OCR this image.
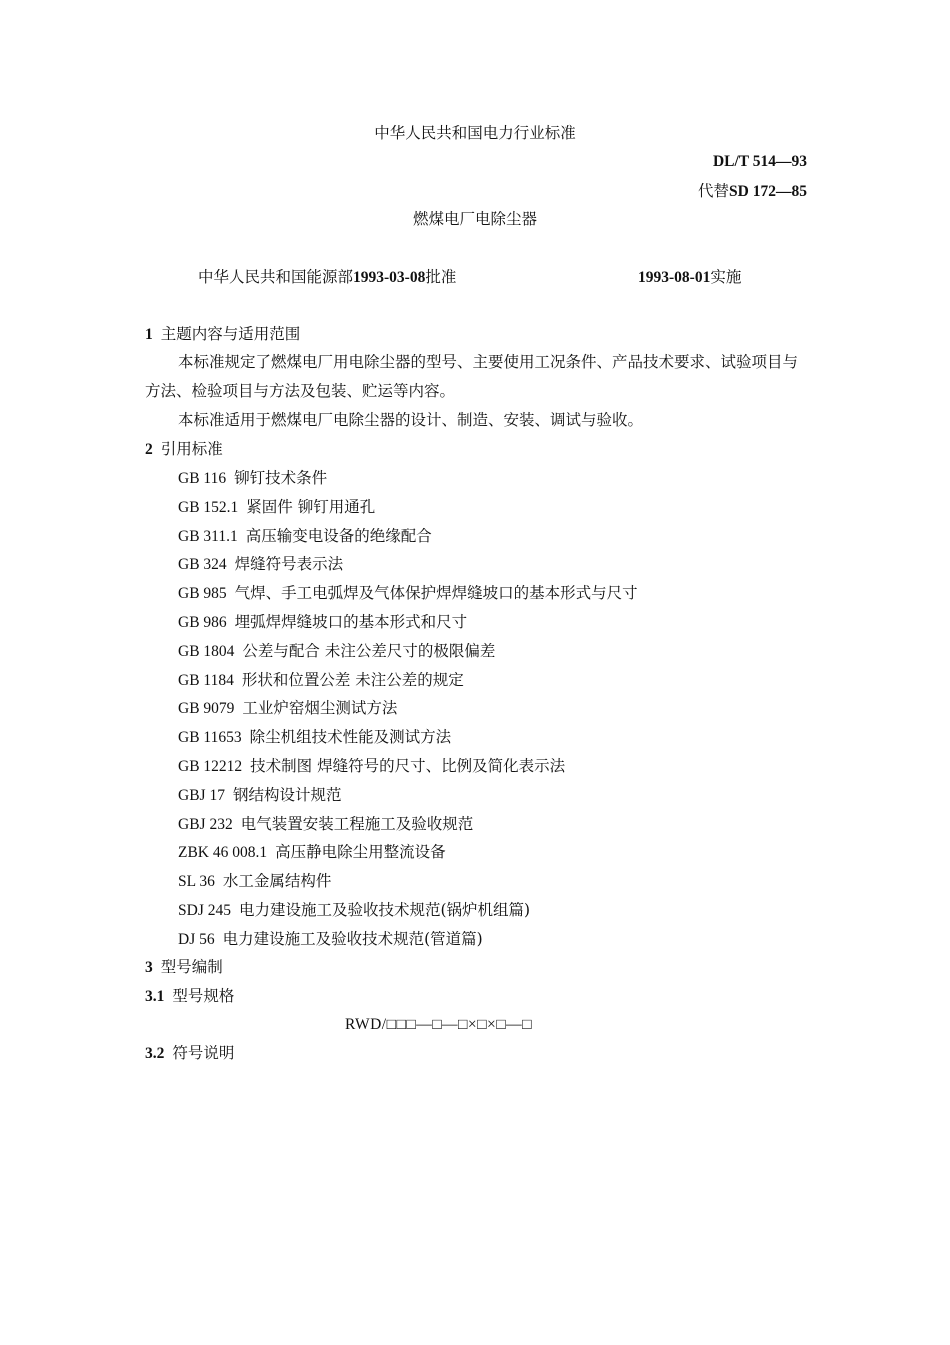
中华人民共和国电力行业标准
DL/T 514—93
代替SD 172—85
燃煤电厂电除尘器
中华人民共和国能源部1993-03-08批准	1993-08-01实施
1 主题内容与适用范围
本标准规定了燃煤电厂用电除尘器的型号、主要使用工况条件、产品技术要求、试验项目与方法、检验项目与方法及包装、贮运等内容。
本标准适用于燃煤电厂电除尘器的设计、制造、安装、调试与验收。
2 引用标准
GB 116 铆钉技术条件
GB 152.1 紧固件 铆钉用通孔
GB 311.1 高压输变电设备的绝缘配合
GB 324 焊缝符号表示法
GB 985 气焊、手工电弧焊及气体保护焊焊缝坡口的基本形式与尺寸
GB 986 埋弧焊焊缝坡口的基本形式和尺寸
GB 1804 公差与配合 未注公差尺寸的极限偏差
GB 1184 形状和位置公差 未注公差的规定
GB 9079 工业炉窑烟尘测试方法
GB 11653 除尘机组技术性能及测试方法
GB 12212 技术制图 焊缝符号的尺寸、比例及简化表示法
GBJ 17 钢结构设计规范
GBJ 232 电气装置安装工程施工及验收规范
ZBK 46 008.1 高压静电除尘用整流设备
SL 36 水工金属结构件
SDJ 245 电力建设施工及验收技术规范(锅炉机组篇)
DJ 56 电力建设施工及验收技术规范(管道篇)
3 型号编制
3.1 型号规格
RWD/□□□—□—□×□×□—□
3.2 符号说明
